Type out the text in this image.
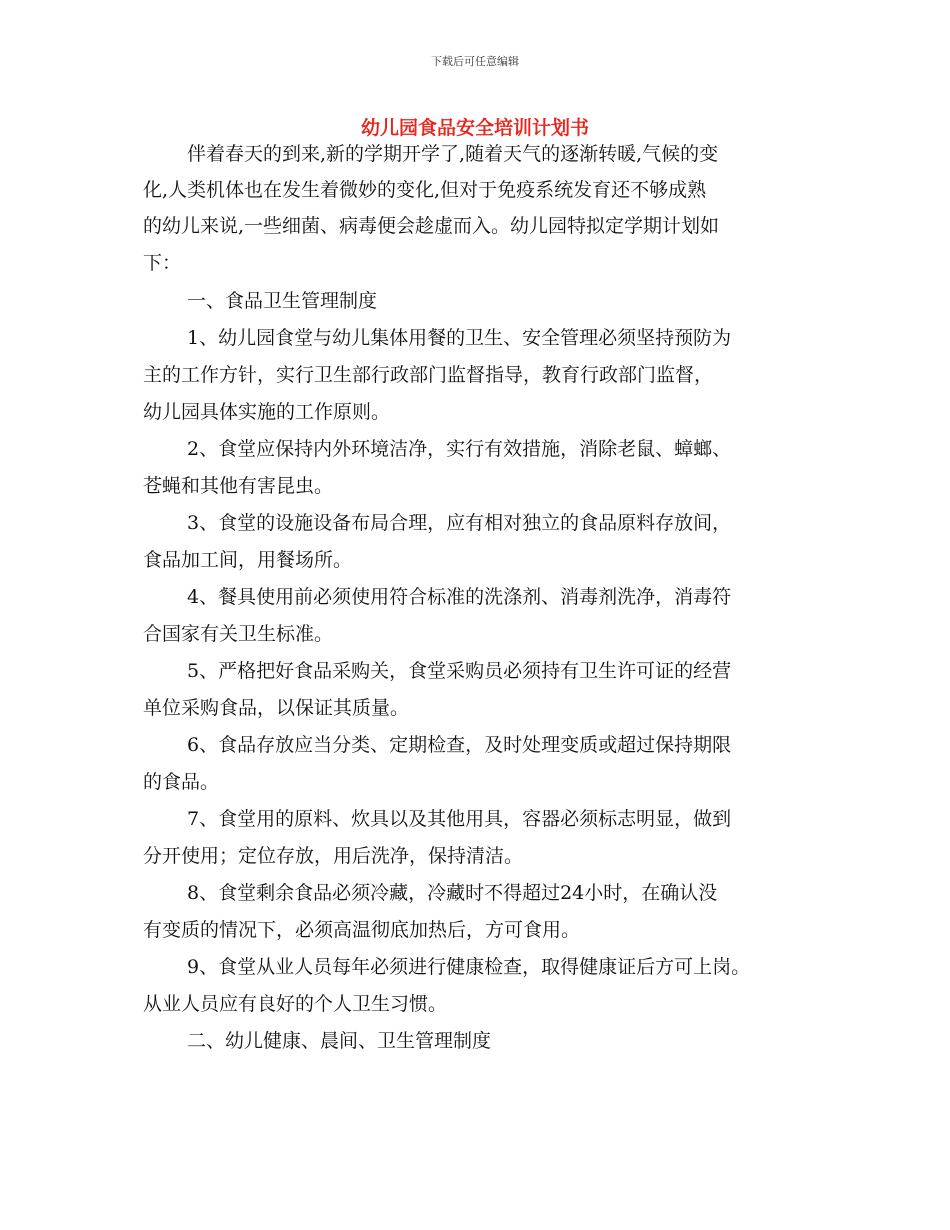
下载后可任意编辑
幼儿园食品安全培训计划书
伴着春天的到来,新的学期开学了,随着天气的逐渐转暖,气候的变
化,人类机体也在发生着微妙的变化,但对于免疫系统发育还不够成熟
的幼儿来说,一些细菌、病毒便会趁虚而入。幼儿园特拟定学期计划如
下：
一、食品卫生管理制度
1、幼儿园食堂与幼儿集体用餐的卫生、安全管理必须坚持预防为
主的工作方针，实行卫生部行政部门监督指导，教育行政部门监督，
幼儿园具体实施的工作原则。
2、食堂应保持内外环境洁净，实行有效措施，消除老鼠、蟑螂、
苍蝇和其他有害昆虫。
3、食堂的设施设备布局合理，应有相对独立的食品原料存放间，
食品加工间，用餐场所。
4、餐具使用前必须使用符合标准的洗涤剂、消毒剂洗净，消毒符
合国家有关卫生标准。
5、严格把好食品采购关，食堂采购员必须持有卫生许可证的经营
单位采购食品，以保证其质量。
6、食品存放应当分类、定期检查，及时处理变质或超过保持期限
的食品。
7、食堂用的原料、炊具以及其他用具，容器必须标志明显，做到
分开使用；定位存放，用后洗净，保持清洁。
8、食堂剩余食品必须冷藏，冷藏时不得超过24小时，在确认没
有变质的情况下，必须高温彻底加热后，方可食用。
9、食堂从业人员每年必须进行健康检查，取得健康证后方可上岗。
从业人员应有良好的个人卫生习惯。
二、幼儿健康、晨间、卫生管理制度
